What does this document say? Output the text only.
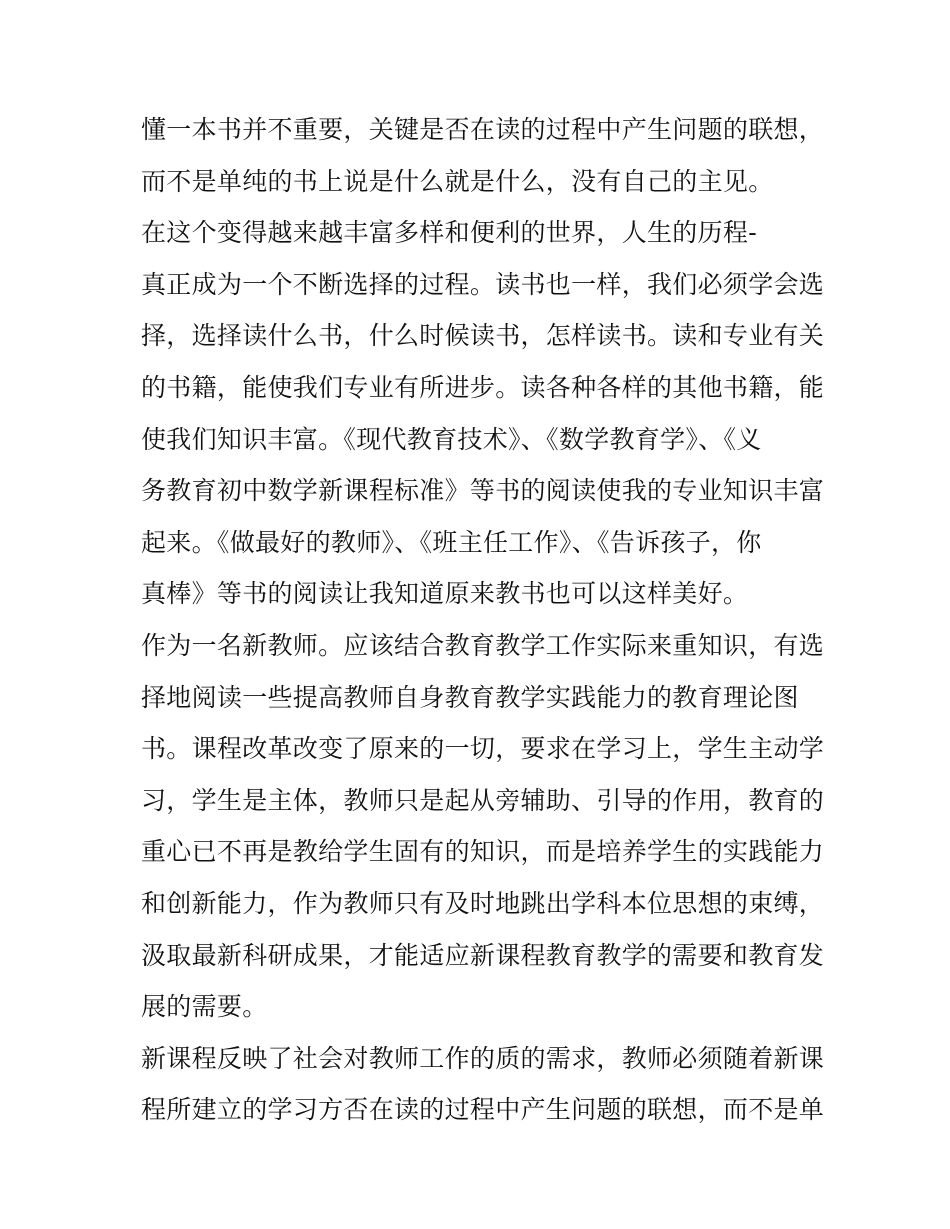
懂一本书并不重要，关键是否在读的过程中产生问题的联想，
而不是单纯的书上说是什么就是什么，没有自己的主见。
在这个变得越来越丰富多样和便利的世界，人生的历程-
真正成为一个不断选择的过程。读书也一样，我们必须学会选
择，选择读什么书，什么时候读书，怎样读书。读和专业有关
的书籍，能使我们专业有所进步。读各种各样的其他书籍，能
使我们知识丰富。《现代教育技术》、《数学教育学》、《义
务教育初中数学新课程标准》等书的阅读使我的专业知识丰富
起来。《做最好的教师》、《班主任工作》、《告诉孩子，你
真棒》等书的阅读让我知道原来教书也可以这样美好。
作为一名新教师。应该结合教育教学工作实际来重知识，有选
择地阅读一些提高教师自身教育教学实践能力的教育理论图
书。课程改革改变了原来的一切，要求在学习上，学生主动学
习，学生是主体，教师只是起从旁辅助、引导的作用，教育的
重心已不再是教给学生固有的知识，而是培养学生的实践能力
和创新能力，作为教师只有及时地跳出学科本位思想的束缚，
汲取最新科研成果，才能适应新课程教育教学的需要和教育发
展的需要。
新课程反映了社会对教师工作的质的需求，教师必须随着新课
程所建立的学习方否在读的过程中产生问题的联想，而不是单
